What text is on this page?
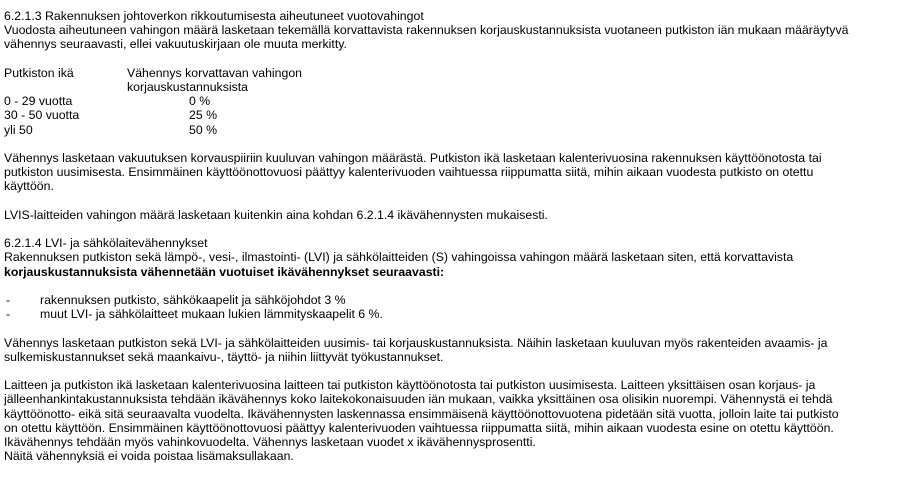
6.2.1.3 Rakennuksen johtoverkon rikkoutumisesta aiheutuneet vuotovahingot

Vuodosta aiheutuneen vahingon määrä lasketaan tekemällä korvattavista rakennuksen korjauskustannuksista vuotaneen putkiston iän mukaan määräytyvä

vähennys seuraavasti, ellei vakuutuskirjaan ole muuta merkitty.

Putkiston ikä	Vähennys korvattavan vahingon
korjauskustannuksista
0 - 29 vuotta	0 %
30 - 50 vuotta	25 %
yli 50	50 %

Vähennys lasketaan vakuutuksen korvauspiiriin kuuluvan vahingon määrästä. Putkiston ikä lasketaan kalenterivuosina rakennuksen käyttöönotosta tai

putkiston uusimisesta. Ensimmäinen käyttöönottovuosi päättyy kalenterivuoden vaihtuessa riippumatta siitä, mihin aikaan vuodesta putkisto on otettu

käyttöön.

LVIS-laitteiden vahingon määrä lasketaan kuitenkin aina kohdan 6.2.1.4 ikävähennysten mukaisesti.

6.2.1.4 LVI- ja sähkölaitevähennykset

Rakennuksen putkiston sekä lämpö-, vesi-, ilmastointi- (LVI) ja sähkölaitteiden (S) vahingoissa vahingon määrä lasketaan siten, että korvattavista

korjauskustannuksista vähennetään vuotuiset ikävähennykset seuraavasti:

-	rakennuksen putkisto, sähkökaapelit ja sähköjohdot 3 %
-	muut LVI- ja sähkölaitteet mukaan lukien lämmityskaapelit 6 %.

Vähennys lasketaan putkiston sekä LVI- ja sähkölaitteiden uusimis- tai korjauskustannuksista. Näihin lasketaan kuuluvan myös rakenteiden avaamis- ja

sulkemiskustannukset sekä maankaivu-, täyttö- ja niihin liittyvät työkustannukset.

Laitteen ja putkiston ikä lasketaan kalenterivuosina laitteen tai putkiston käyttöönotosta tai putkiston uusimisesta. Laitteen yksittäisen osan korjaus- ja

jälleenhankintakustannuksista tehdään ikävähennys koko laitekokonaisuuden iän mukaan, vaikka yksittäinen osa olisikin nuorempi. Vähennystä ei tehdä

käyttöönotto- eikä sitä seuraavalta vuodelta. Ikävähennysten laskennassa ensimmäisenä käyttöönottovuotena pidetään sitä vuotta, jolloin laite tai putkisto

on otettu käyttöön. Ensimmäinen käyttöönottovuosi päättyy kalenterivuoden vaihtuessa riippumatta siitä, mihin aikaan vuodesta esine on otettu käyttöön.

Ikävähennys tehdään myös vahinkovuodelta. Vähennys lasketaan vuodet x ikävähennysprosentti.

Näitä vähennyksiä ei voida poistaa lisämaksullakaan.
